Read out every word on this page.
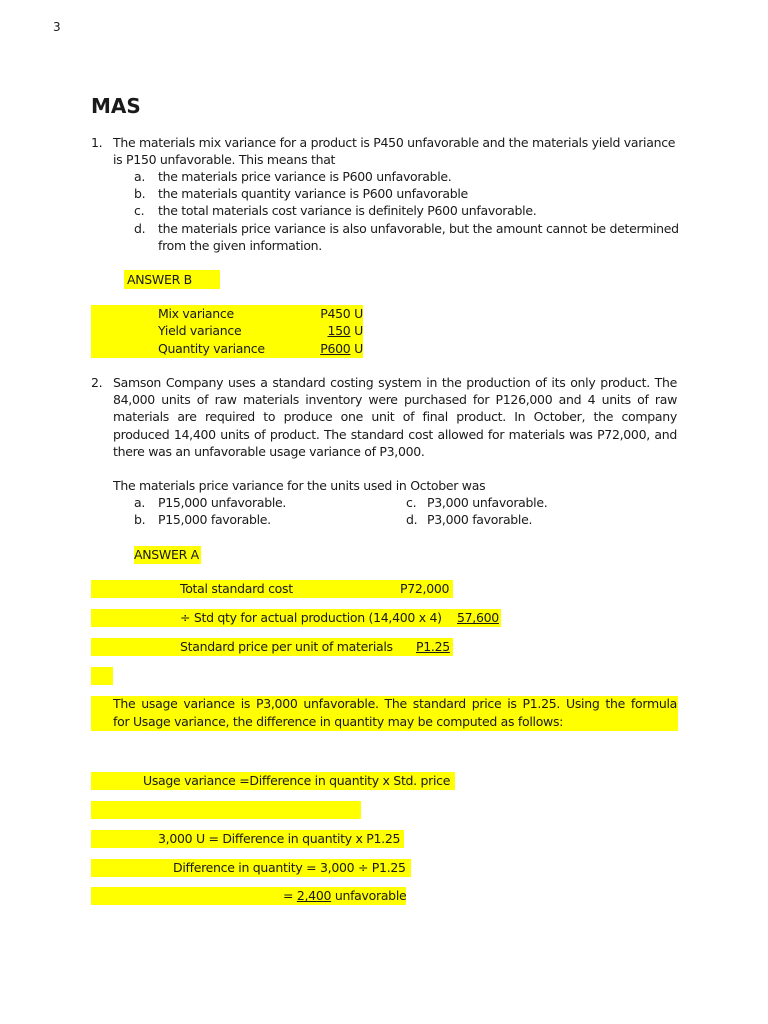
3
MAS
1. The materials mix variance for a product is P450 unfavorable and the materials yield variance
is P150 unfavorable. This means that
a. the materials price variance is P600 unfavorable.
b. the materials quantity variance is P600 unfavorable
c. the total materials cost variance is definitely P600 unfavorable.
d. the materials price variance is also unfavorable, but the amount cannot be determined
from the given information.
ANSWER B
Mix variance	P450 U
Yield variance	150 U
Quantity variance	P600 U
2. Samson Company uses a standard costing system in the production of its only product. The
84,000 units of raw materials inventory were purchased for P126,000 and 4 units of raw
materials are required to produce one unit of final product. In October, the company
produced 14,400 units of product. The standard cost allowed for materials was P72,000, and
there was an unfavorable usage variance of P3,000.
The materials price variance for the units used in October was
a. P15,000 unfavorable.
b. P15,000 favorable.
c. P3,000 unfavorable.
d. P3,000 favorable.
ANSWER A
Total standard cost	P72,000
÷ Std qty for actual production (14,400 x 4)	57,600
Standard price per unit of materials P1.25
The usage variance is P3,000 unfavorable. The standard price is P1.25. Using the formula
for Usage variance, the difference in quantity may be computed as follows:
Usage variance =Difference in quantity x Std. price
3,000 U = Difference in quantity x P1.25
Difference in quantity = 3,000 ÷ P1.25
= 2,400 unfavorable
